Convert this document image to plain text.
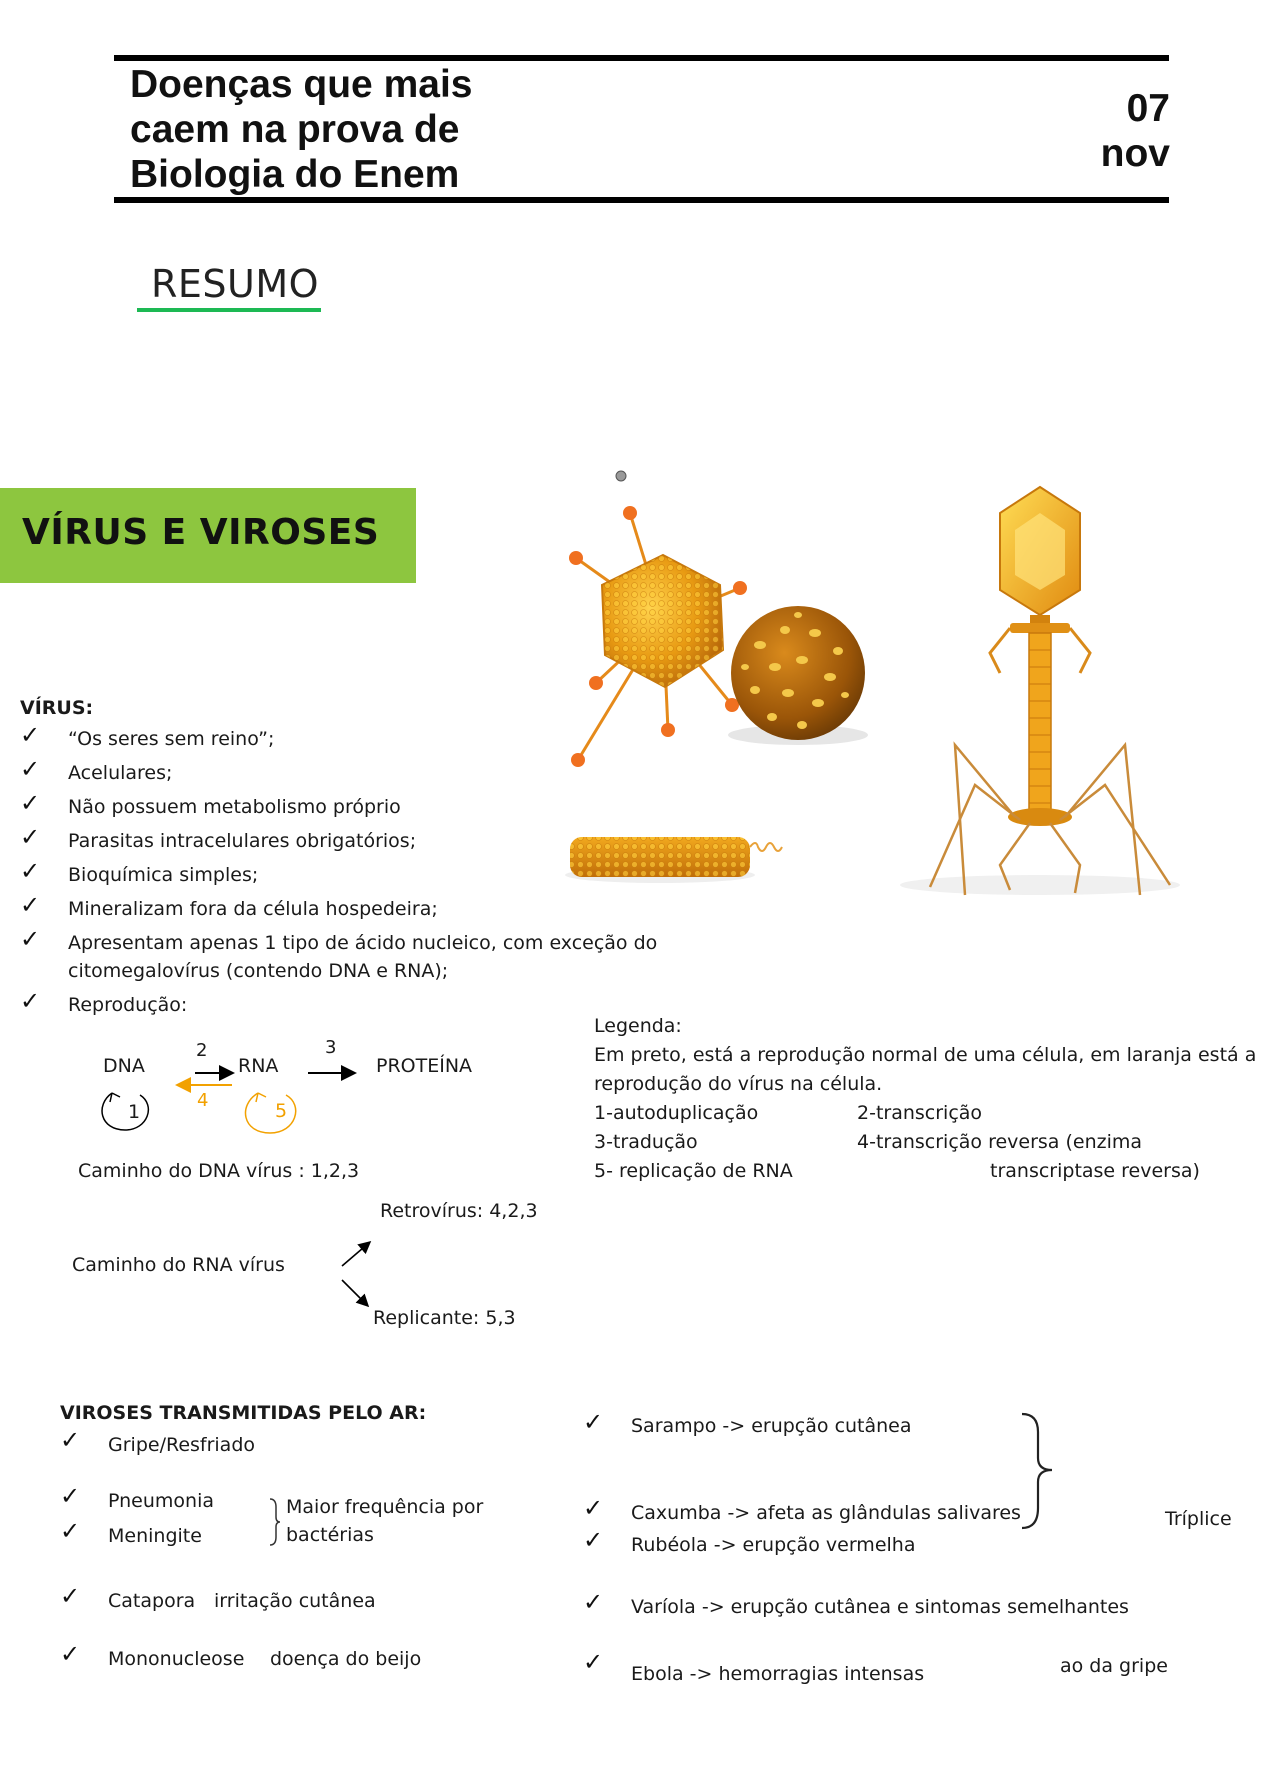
Doenças que mais
caem na prova de
Biologia do Enem
07
nov
RESUMO
VÍRUS E VIROSES
VÍRUS:
✓ “Os seres sem reino”;
✓ Acelulares;
✓ Não possuem metabolismo próprio
✓ Parasitas intracelulares obrigatórios;
✓ Bioquímica simples;
✓ Mineralizam fora da célula hospedeira;
✓ Apresentam apenas 1 tipo de ácido nucleico, com exceção do
citomegalovírus (contendo DNA e RNA);
✓ Reprodução:
DNA	RNA	PROTEÍNA
2	3
4
1	5
Caminho do DNA vírus : 1,2,3
Caminho do RNA vírus
Retrovírus: 4,2,3
Replicante: 5,3
Legenda:
Em preto, está a reprodução normal de uma célula, em laranja está a
reprodução do vírus na célula.
1-autoduplicação	2-transcrição
3-tradução	4-transcrição reversa (enzima
5- replicação de RNA	transcriptase reversa)
VIROSES TRANSMITIDAS PELO AR:
✓ Gripe/Resfriado
✓ Pneumonia
✓ Meningite
Maior frequência por
bactérias
✓ Catapora irritação cutânea
✓ Mononucleose doença do beijo
✓ Sarampo -> erupção cutânea
✓ Caxumba -> afeta as glândulas salivares
✓ Rubéola -> erupção vermelha
Tríplice
✓ Varíola -> erupção cutânea e sintomas semelhantes
✓ Ebola -> hemorragias intensas	ao da gripe
